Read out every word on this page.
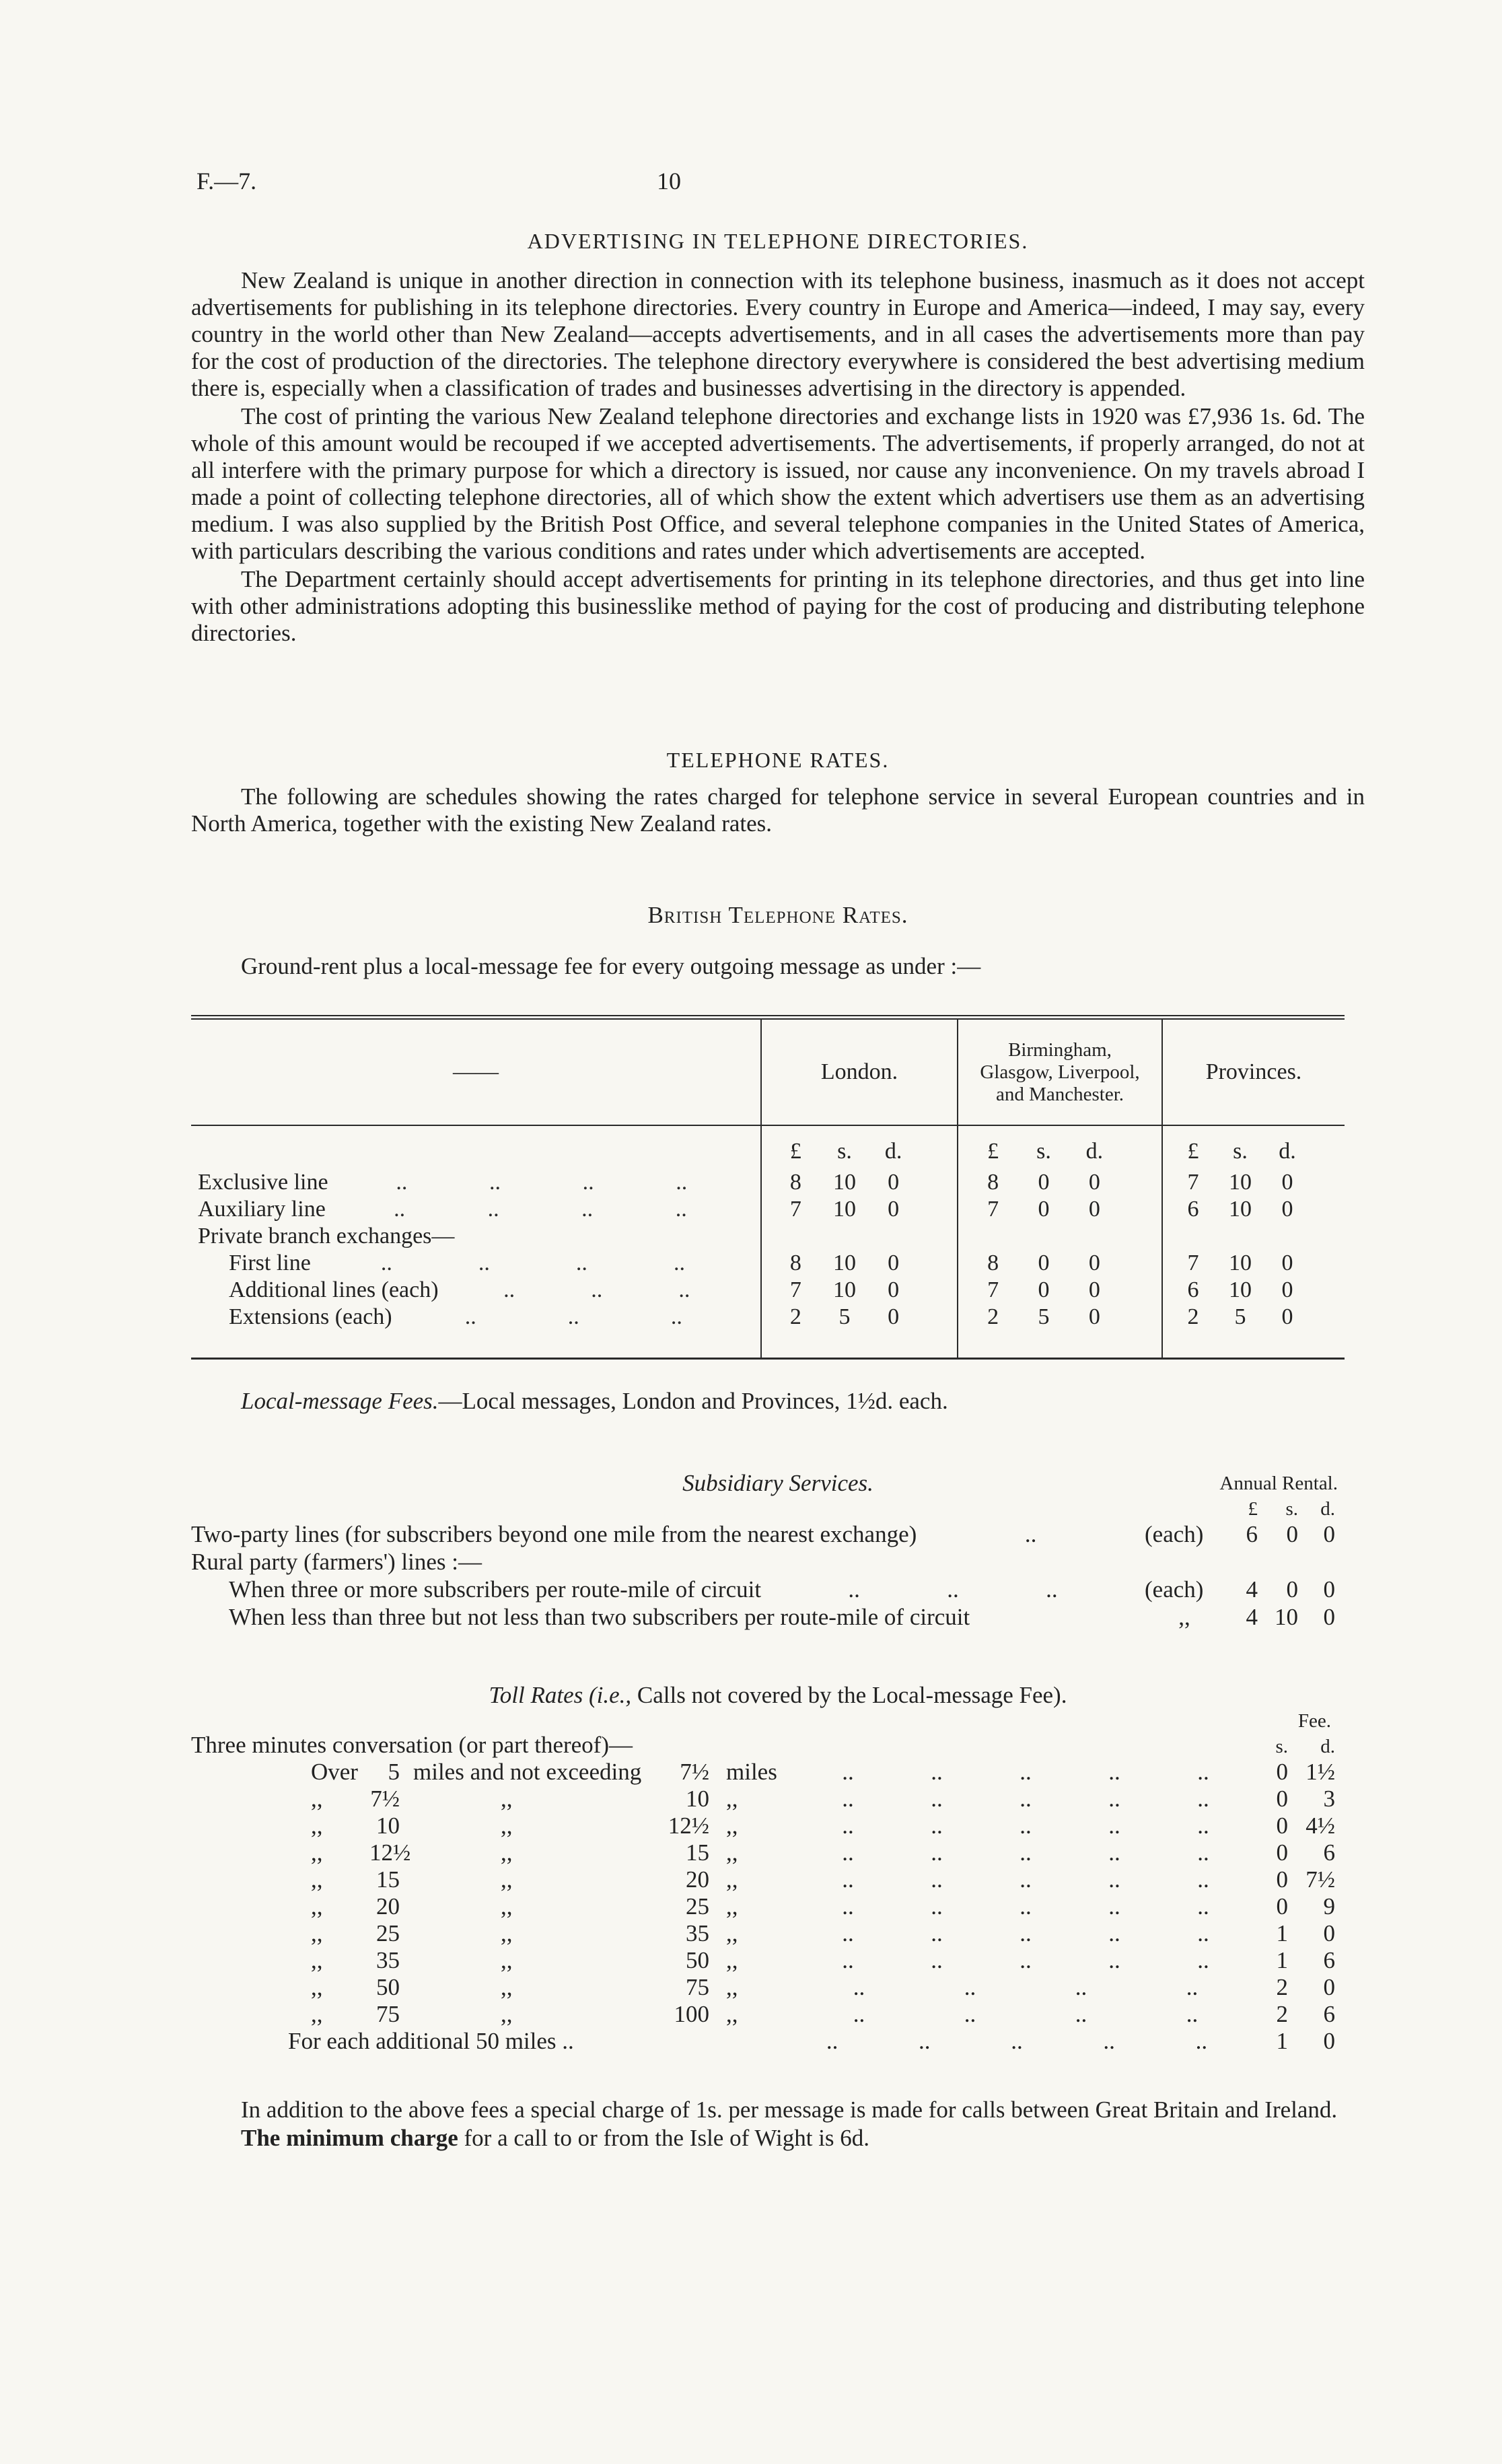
F.—7.	10
ADVERTISING IN TELEPHONE DIRECTORIES.

New Zealand is unique in another direction in connection with its telephone business, inasmuch as it does not accept advertisements for publishing in its telephone directories. Every country in Europe and America—indeed, I may say, every country in the world other than New Zealand—accepts advertisements, and in all cases the advertisements more than pay for the cost of production of the directories. The telephone directory everywhere is considered the best advertising medium there is, especially when a classification of trades and businesses advertising in the directory is appended.

The cost of printing the various New Zealand telephone directories and exchange lists in 1920 was £7,936 1s. 6d. The whole of this amount would be recouped if we accepted advertisements. The advertisements, if properly arranged, do not at all interfere with the primary purpose for which a directory is issued, nor cause any inconvenience. On my travels abroad I made a point of collecting telephone directories, all of which show the extent which advertisers use them as an advertising medium. I was also supplied by the British Post Office, and several telephone companies in the United States of America, with particulars describing the various conditions and rates under which advertisements are accepted.

The Department certainly should accept advertisements for printing in its telephone directories, and thus get into line with other administrations adopting this businesslike method of paying for the cost of producing and distributing telephone directories.

TELEPHONE RATES.

The following are schedules showing the rates charged for telephone service in several European countries and in North America, together with the existing New Zealand rates.

British Telephone Rates.

Ground-rent plus a local-message fee for every outgoing message as under :—

——	London.
Birmingham,
Glasgow, Liverpool,
and Manchester.
Provinces.
£	s.	d.	£	s.	d.	£	s.	d.
Exclusive line	..	..	..	..	8	10	0	8	0	0	7	10	0
Auxiliary line	..	..	..	..	7	10	0	7	0	0	6	10	0
Private branch exchanges—
First line	..	..	..	..	8	10	0	8	0	0	7	10	0
Additional lines (each)	..	..	..	7	10	0	7	0	0	6	10	0
Extensions (each)	..	..	..	2	5	0	2	5	0	2	5	0

Local-message Fees.—Local messages, London and Provinces, 1½d. each.

Subsidiary Services.	Annual Rental.
£	s.	d.
Two-party lines (for subscribers beyond one mile from the nearest exchange)	..	(each)	6	0	0
Rural party (farmers') lines :—
When three or more subscribers per route-mile of circuit	..	..	..	(each)	4	0	0
When less than three but not less than two subscribers per route-mile of circuit	,,	4 10	0
Toll Rates (i.e., Calls not covered by the Local-message Fee).
Fee.
Three minutes conversation (or part thereof)—	s.	d.
Over	5 miles and not exceeding	7½ miles	..	..	..	..	..	0 1½
,,	7½	,,	10 ,,	..	..	..	..	..	0	3
,,	10	,,	12½ ,,	..	..	..	..	..	0 4½
,,	12½	,,	15 ,,	..	..	..	..	..	0	6
,,	15	,,	20 ,,	..	..	..	..	..	0 7½
,,	20	,,	25 ,,	..	..	..	..	..	0	9
,,	25	,,	35 ,,	..	..	..	..	..	1	0
,,	35	,,	50 ,,	..	..	..	..	..	1	6
,,	50	,,	75 ,,	..	..	..	..	2	0
,,	75	,,	100 ,,	..	..	..	..	2	6
For each additional 50 miles ..	..	..	..	..	..	1	0

In addition to the above fees a special charge of 1s. per message is made for calls between Great Britain and Ireland.

The minimum charge for a call to or from the Isle of Wight is 6d.
